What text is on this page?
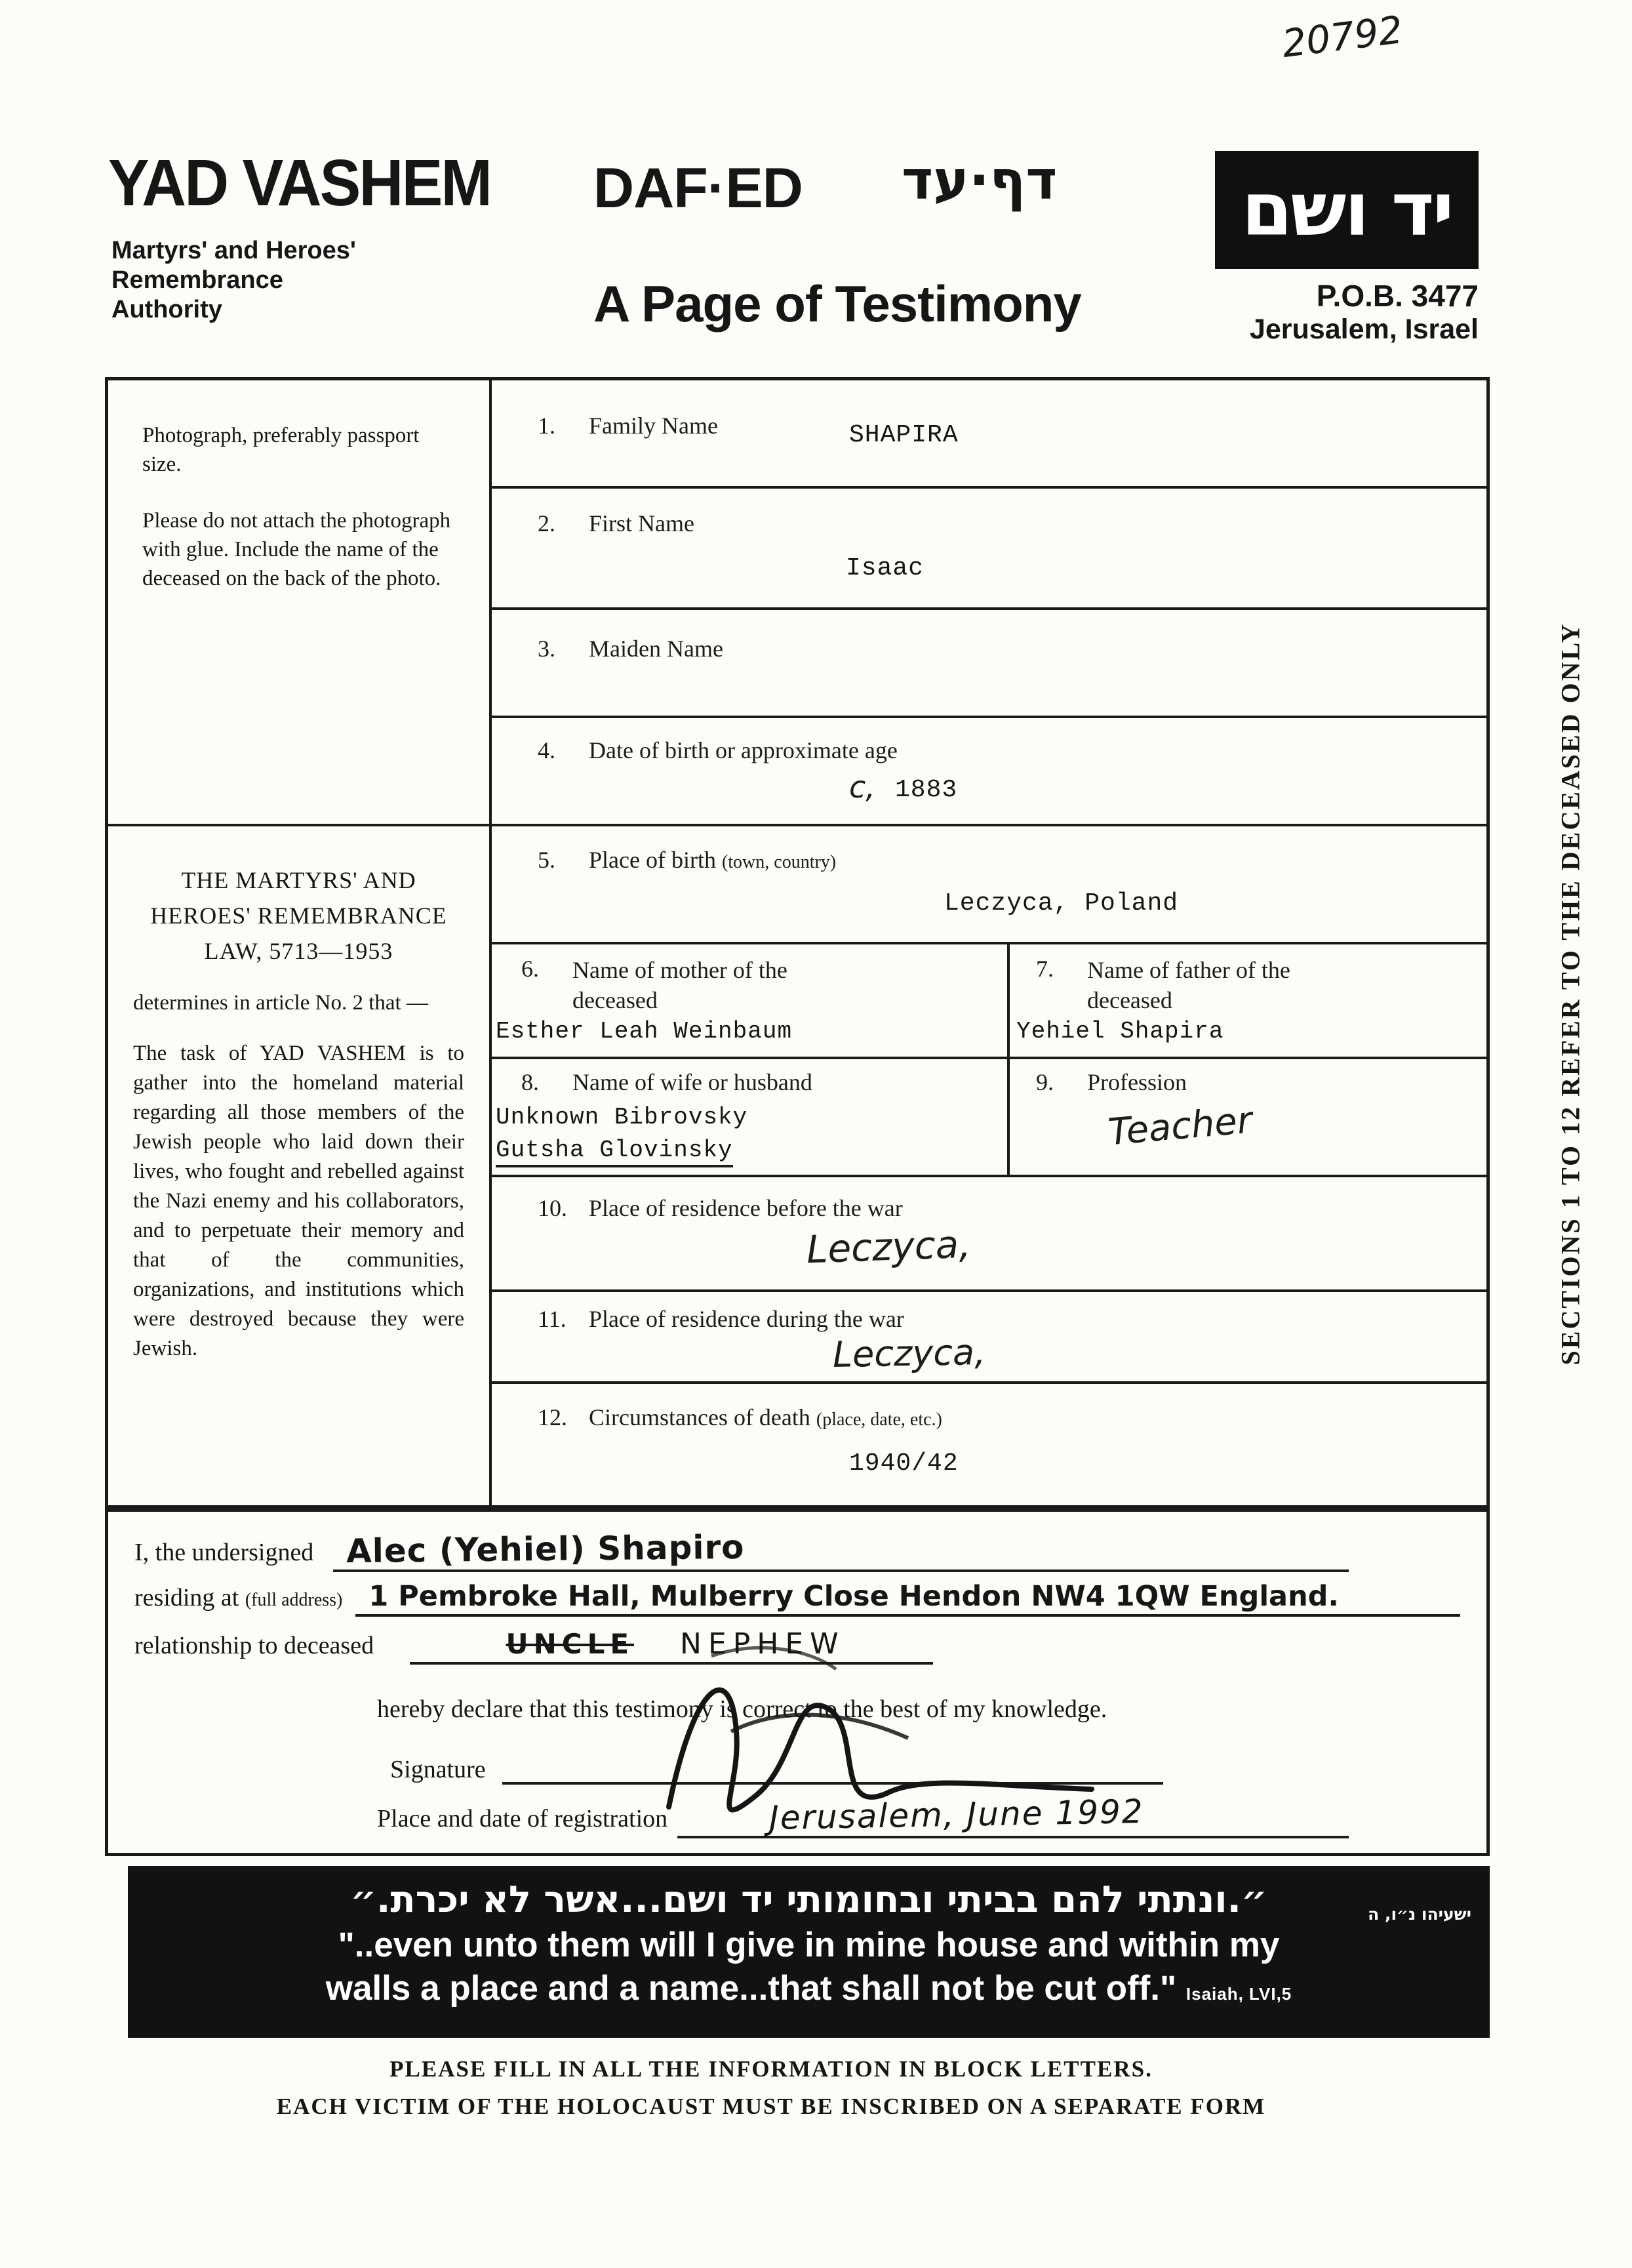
20792
YAD VASHEM
Martyrs' and Heroes'
Remembrance
Authority
DAF·ED דף·עד
A Page of Testimony
יד ושם
P.O.B. 3477
Jerusalem, Israel
SECTIONS 1 TO 12 REFER TO THE DECEASED ONLY

Photograph, preferably passport size.

Please do not attach the photograph with glue. Include the name of the deceased on the back of the photo.

THE MARTYRS' AND
HEROES' REMEMBRANCE
LAW, 5713—1953

determines in article No. 2 that —

The task of YAD VASHEM is to gather into the homeland material regarding all those members of the Jewish people who laid down their lives, who fought and rebelled against the Nazi enemy and his collaborators, and to perpetuate their memory and that of the communities, organizations, and institutions which were destroyed because they were Jewish.

1. Family Name	SHAPIRA
2. First Name
Isaac
3. Maiden Name
4. Date of birth or approximate age
c, 1883
5. Place of birth (town, country)
Leczyca, Poland
6. Name of mother of the deceased
Esther Leah Weinbaum
7. Name of father of the deceased
Yehiel Shapira
8. Name of wife or husband
Unknown Bibrovsky
Gutsha Glovinsky
9. Profession
Teacher
10. Place of residence before the war
Leczyca,
11. Place of residence during the war
Leczyca,
12. Circumstances of death (place, date, etc.)
1940/42
I, the undersigned Alec (Yehiel) Shapiro
residing at (full address) 1 Pembroke Hall, Mulberry Close Hendon NW4 1QW England.
relationship to deceased	UNCLE NEPHEW
hereby declare that this testimony is correct to the best of my knowledge.
Signature

Place and date of registration	Jerusalem, June 1992
״.ונתתי להם בביתי ובחומותי יד ושם...אשר לא יכרת.״	ישעיהו נ״ו, ה
"..even unto them will I give in mine house and within my
walls a place and a name...that shall not be cut off." Isaiah, LVI,5
PLEASE FILL IN ALL THE INFORMATION IN BLOCK LETTERS.
EACH VICTIM OF THE HOLOCAUST MUST BE INSCRIBED ON A SEPARATE FORM
